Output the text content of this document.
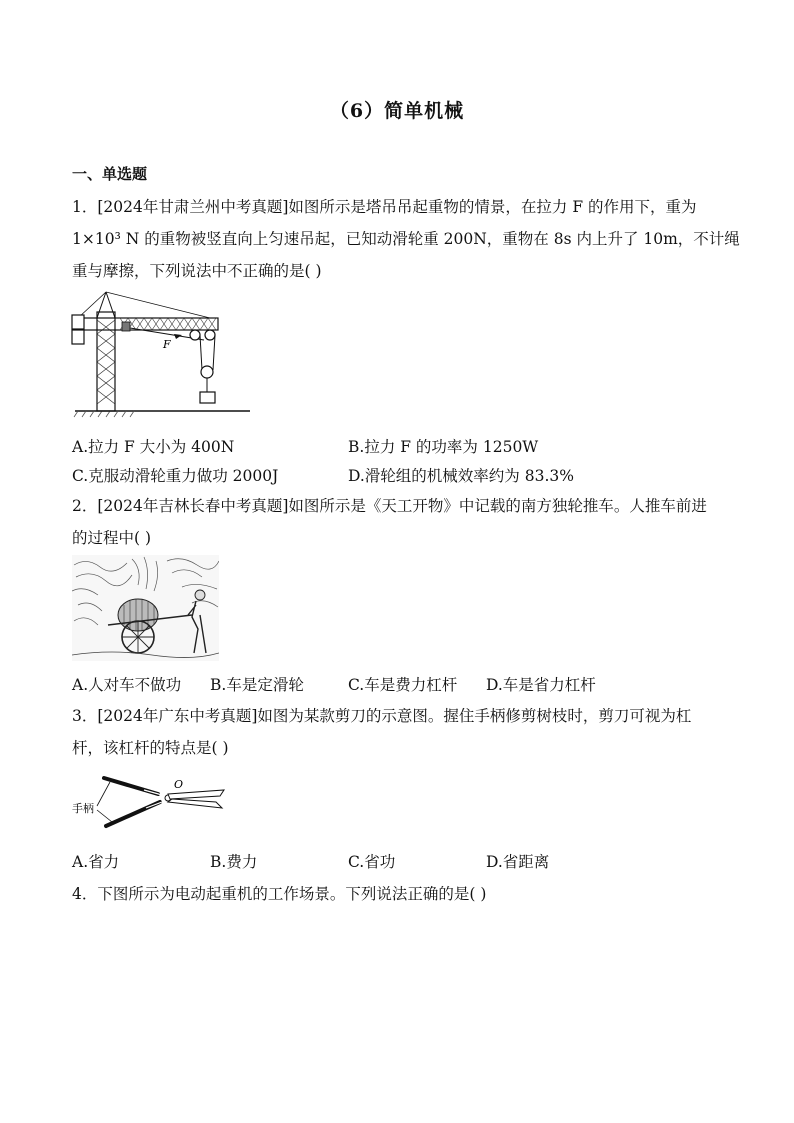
（6）简单机械
一、单选题
1．[2024年甘肃兰州中考真题]如图所示是塔吊吊起重物的情景，在拉力 F 的作用下，重为
1×10³ N 的重物被竖直向上匀速吊起，已知动滑轮重 200N，重物在 8s 内上升了 10m，不计绳
重与摩擦，下列说法中不正确的是( )
F
A.拉力 F 大小为 400N	B.拉力 F 的功率为 1250W
C.克服动滑轮重力做功 2000J	D.滑轮组的机械效率约为 83.3%
2．[2024年吉林长春中考真题]如图所示是《天工开物》中记载的南方独轮推车。人推车前进
的过程中( )
A.人对车不做功 B.车是定滑轮	C.车是费力杠杆 D.车是省力杠杆
3．[2024年广东中考真题]如图为某款剪刀的示意图。握住手柄修剪树枝时，剪刀可视为杠
杆，该杠杆的特点是( )
O
手柄
A.省力	B.费力	C.省功	D.省距离
4．下图所示为电动起重机的工作场景。下列说法正确的是( )
